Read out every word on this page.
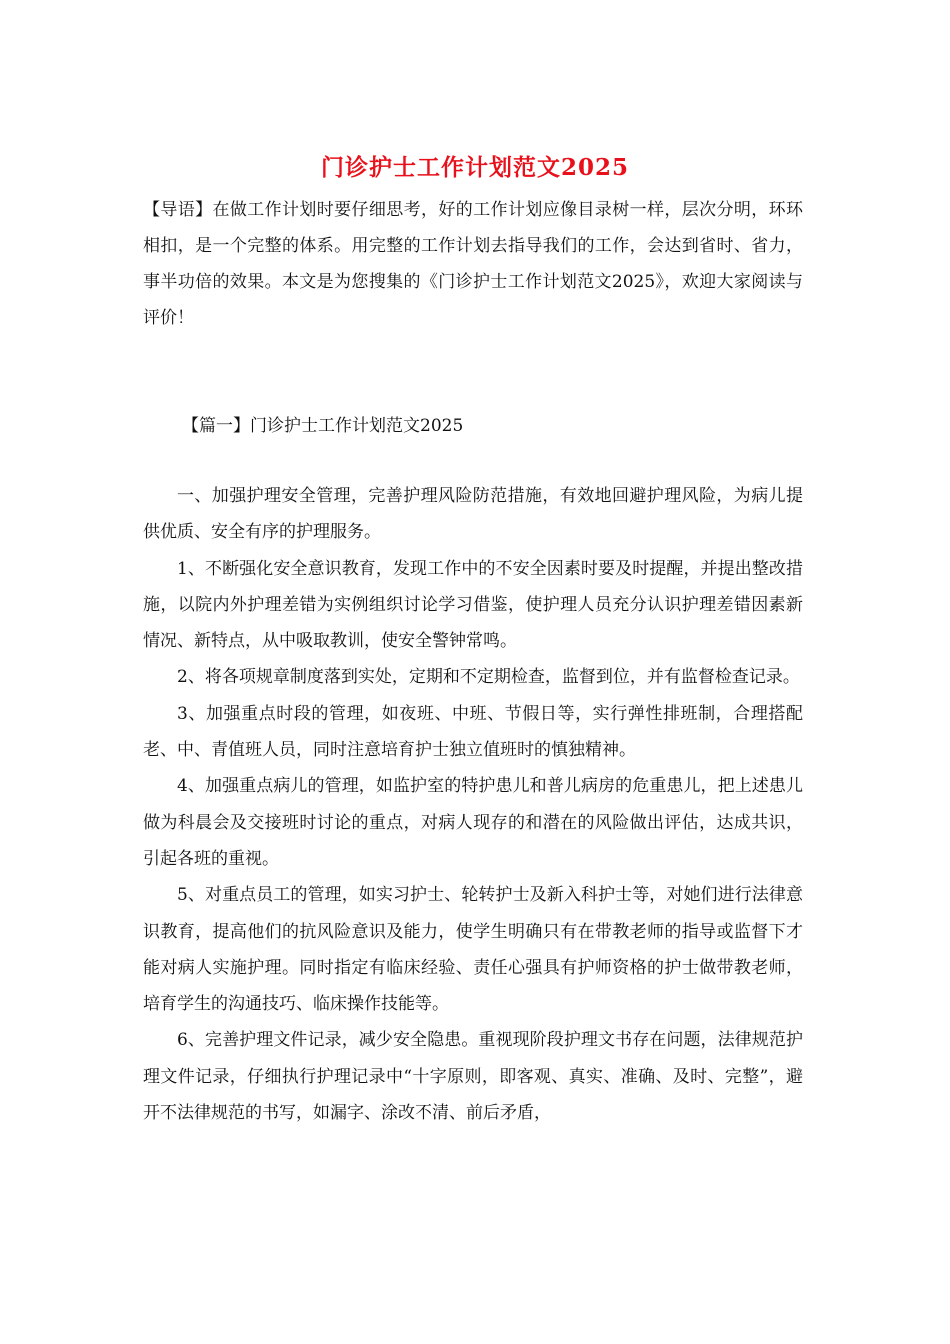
门诊护士工作计划范文2025

【导语】在做工作计划时要仔细思考，好的工作计划应像目录树一样，层次分明，环环相扣，是一个完整的体系。用完整的工作计划去指导我们的工作，会达到省时、省力，事半功倍的效果。本文是为您搜集的《门诊护士工作计划范文2025》，欢迎大家阅读与评价！

【篇一】门诊护士工作计划范文2025

一、加强护理安全管理，完善护理风险防范措施，有效地回避护理风险，为病儿提供优质、安全有序的护理服务。

1、不断强化安全意识教育，发现工作中的不安全因素时要及时提醒，并提出整改措施，以院内外护理差错为实例组织讨论学习借鉴，使护理人员充分认识护理差错因素新情况、新特点，从中吸取教训，使安全警钟常鸣。

2、将各项规章制度落到实处，定期和不定期检查，监督到位，并有监督检查记录。

3、加强重点时段的管理，如夜班、中班、节假日等，实行弹性排班制，合理搭配老、中、青值班人员，同时注意培育护士独立值班时的慎独精神。

4、加强重点病儿的管理，如监护室的特护患儿和普儿病房的危重患儿，把上述患儿做为科晨会及交接班时讨论的重点，对病人现存的和潜在的风险做出评估，达成共识，引起各班的重视。

5、对重点员工的管理，如实习护士、轮转护士及新入科护士等，对她们进行法律意识教育，提高他们的抗风险意识及能力，使学生明确只有在带教老师的指导或监督下才能对病人实施护理。同时指定有临床经验、责任心强具有护师资格的护士做带教老师，培育学生的沟通技巧、临床操作技能等。

6、完善护理文件记录，减少安全隐患。重视现阶段护理文书存在问题，法律规范护理文件记录，仔细执行护理记录中“十字原则，即客观、真实、准确、及时、完整”，避开不法律规范的书写，如漏字、涂改不清、前后矛盾，
